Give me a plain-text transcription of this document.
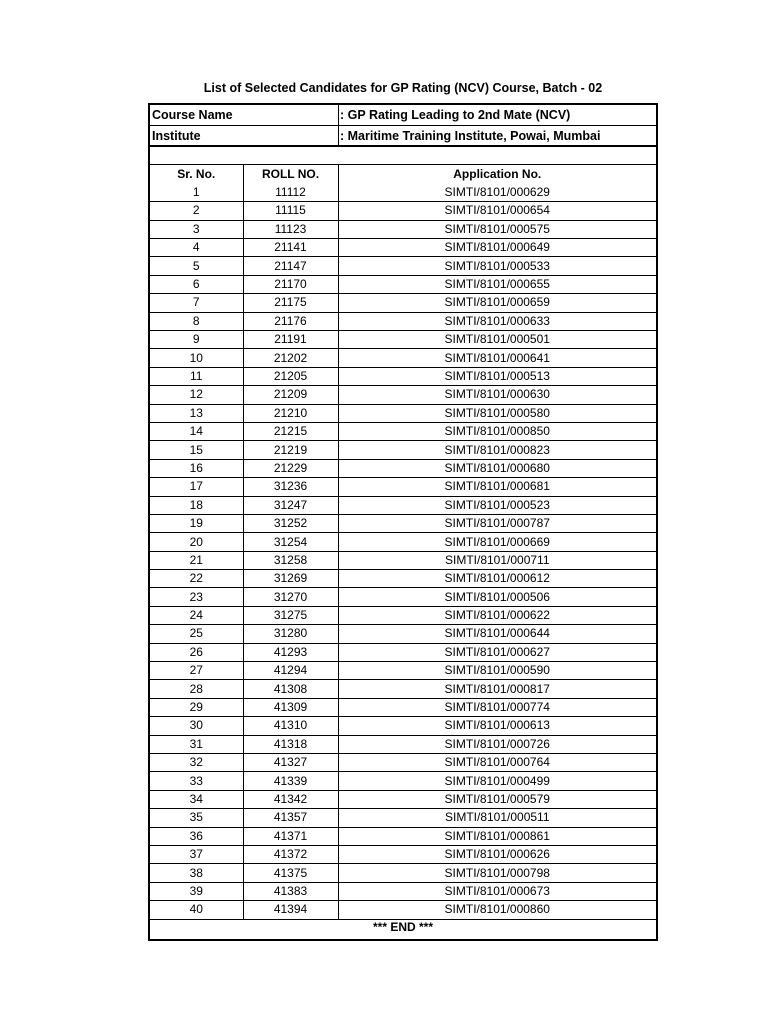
List of Selected Candidates for GP Rating (NCV) Course, Batch - 02
Course Name	: GP Rating Leading to 2nd Mate (NCV)
Institute	: Maritime Training Institute, Powai, Mumbai
Sr. No.	ROLL NO.	Application No.
1	11112	SIMTI/8101/000629
2	11115	SIMTI/8101/000654
3	11123	SIMTI/8101/000575
4	21141	SIMTI/8101/000649
5	21147	SIMTI/8101/000533
6	21170	SIMTI/8101/000655
7	21175	SIMTI/8101/000659
8	21176	SIMTI/8101/000633
9	21191	SIMTI/8101/000501
10	21202	SIMTI/8101/000641
11	21205	SIMTI/8101/000513
12	21209	SIMTI/8101/000630
13	21210	SIMTI/8101/000580
14	21215	SIMTI/8101/000850
15	21219	SIMTI/8101/000823
16	21229	SIMTI/8101/000680
17	31236	SIMTI/8101/000681
18	31247	SIMTI/8101/000523
19	31252	SIMTI/8101/000787
20	31254	SIMTI/8101/000669
21	31258	SIMTI/8101/000711
22	31269	SIMTI/8101/000612
23	31270	SIMTI/8101/000506
24	31275	SIMTI/8101/000622
25	31280	SIMTI/8101/000644
26	41293	SIMTI/8101/000627
27	41294	SIMTI/8101/000590
28	41308	SIMTI/8101/000817
29	41309	SIMTI/8101/000774
30	41310	SIMTI/8101/000613
31	41318	SIMTI/8101/000726
32	41327	SIMTI/8101/000764
33	41339	SIMTI/8101/000499
34	41342	SIMTI/8101/000579
35	41357	SIMTI/8101/000511
36	41371	SIMTI/8101/000861
37	41372	SIMTI/8101/000626
38	41375	SIMTI/8101/000798
39	41383	SIMTI/8101/000673
40	41394	SIMTI/8101/000860
*** END ***
